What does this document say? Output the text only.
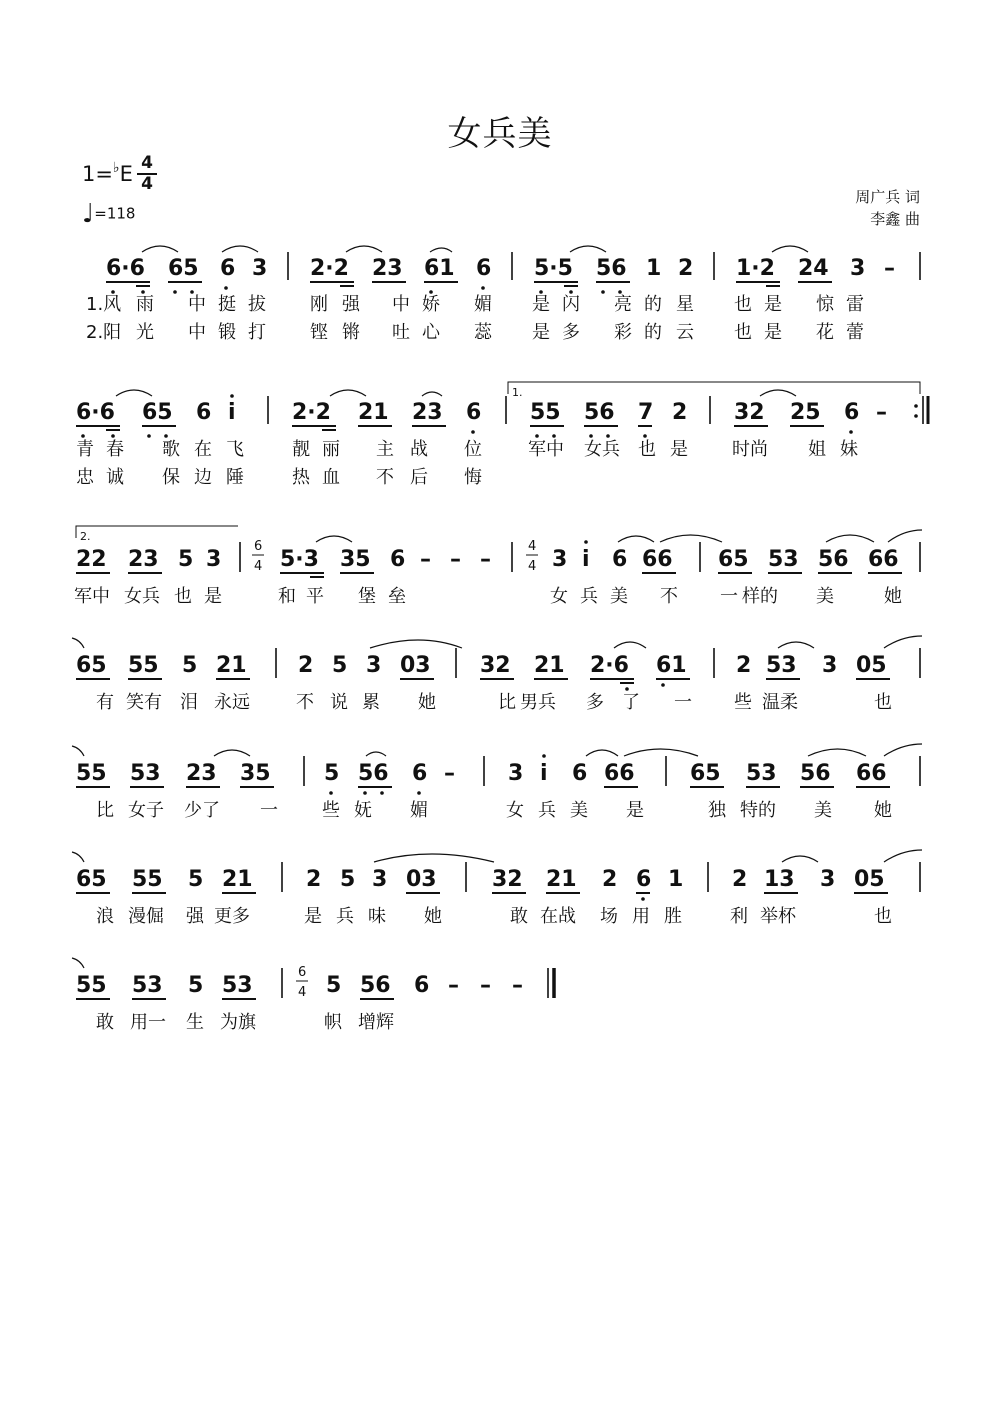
女兵美
1=♭E 4
4
♩=118
周广兵 词
李鑫 曲
6·6 65 6 3 2·2 23 61 6 5·5 56 1 2 1·2 24 3 –
1.风 雨 中 挺 拔 刚 强 中 娇 媚 是 闪 亮 的 星 也 是 惊 雷
2.阳 光 中 锻 打 铿 锵 吐 心 蕊 是 多 彩 的 云 也 是 花 蕾
1.
6·6 65 6 i	2·2 21 23 6 55 56 7 2 32 25 6 –
青 春 歌 在 飞	靓 丽 主 战 位	军中 女兵 也 是 时尚 姐 妹
忠 诚 保 边 陲	热 血 不 后 悔
2.
6
4
4
4
22 23 5 3	5·3 35 6 – – –	3 i 6 66 65 53 56 66
军中 女兵 也 是	和 平 堡 垒	女 兵 美 不 一 样的 美	她
65 55 5 21 2 5 3 03 32 21 2·6 61 2 53 3 05
有 笑有 泪 永远	不 说 累 她	比 男兵 多 了 一 些 温柔	也
55 53 23 35 5 56 6 – 3 i 6 66	65 53 56 66
比 女子 少了 一 些 妩 媚	女 兵 美 是	独 特的 美 她
65 55 5 21 2 5 3 03	32 21 2 6 1 2 13 3 05
浪 漫倔 强 更多	是 兵 味 她	敢 在战 场 用 胜	利 举杯	也
6
4
55 53 5 53	5 56 6 – – –
敢 用一 生 为旗	帜 增辉
